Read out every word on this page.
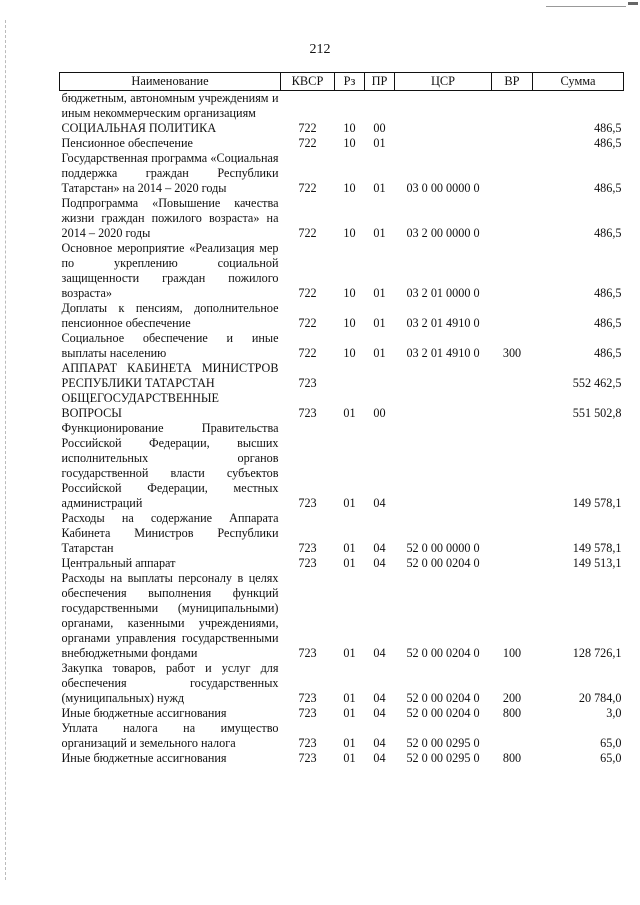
212
Наименование	КВСР	Рз	ПР	ЦСР	ВР	Сумма
бюджетным, автономным учреждениям и иным некоммерческим организациям						
СОЦИАЛЬНАЯ ПОЛИТИКА	722	10	00			486,5
Пенсионное обеспечение	722	10	01			486,5
Государственная программа «Социальная поддержка граждан Республики Татарстан» на 2014 – 2020 годы	722	10	01	03 0 00 0000 0		486,5
Подпрограмма «Повышение качества жизни граждан пожилого возраста» на 2014 – 2020 годы	722	10	01	03 2 00 0000 0		486,5
Основное мероприятие «Реализация мер по укреплению социальной защищенности граждан пожилого возраста»	722	10	01	03 2 01 0000 0		486,5
Доплаты к пенсиям, дополнительное пенсионное обеспечение	722	10	01	03 2 01 4910 0		486,5
Социальное обеспечение и иные выплаты населению	722	10	01	03 2 01 4910 0	300	486,5
АППАРАТ КАБИНЕТА МИНИСТРОВ РЕСПУБЛИКИ ТАТАРСТАН	723					552 462,5
ОБЩЕГОСУДАРСТВЕННЫЕ ВОПРОСЫ	723	01	00			551 502,8
Функционирование Правительства Российской Федерации, высших исполнительных органов государственной власти субъектов Российской Федерации, местных администраций	723	01	04			149 578,1
Расходы на содержание Аппарата Кабинета Министров Республики Татарстан	723	01	04	52 0 00 0000 0		149 578,1
Центральный аппарат	723	01	04	52 0 00 0204 0		149 513,1
Расходы на выплаты персоналу в целях обеспечения выполнения функций государственными (муниципальными) органами, казенными учреждениями, органами управления государственными внебюджетными фондами	723	01	04	52 0 00 0204 0	100	128 726,1
Закупка товаров, работ и услуг для обеспечения государственных (муниципальных) нужд	723	01	04	52 0 00 0204 0	200	20 784,0
Иные бюджетные ассигнования	723	01	04	52 0 00 0204 0	800	3,0
Уплата налога на имущество организаций и земельного налога	723	01	04	52 0 00 0295 0		65,0
Иные бюджетные ассигнования	723	01	04	52 0 00 0295 0	800	65,0
